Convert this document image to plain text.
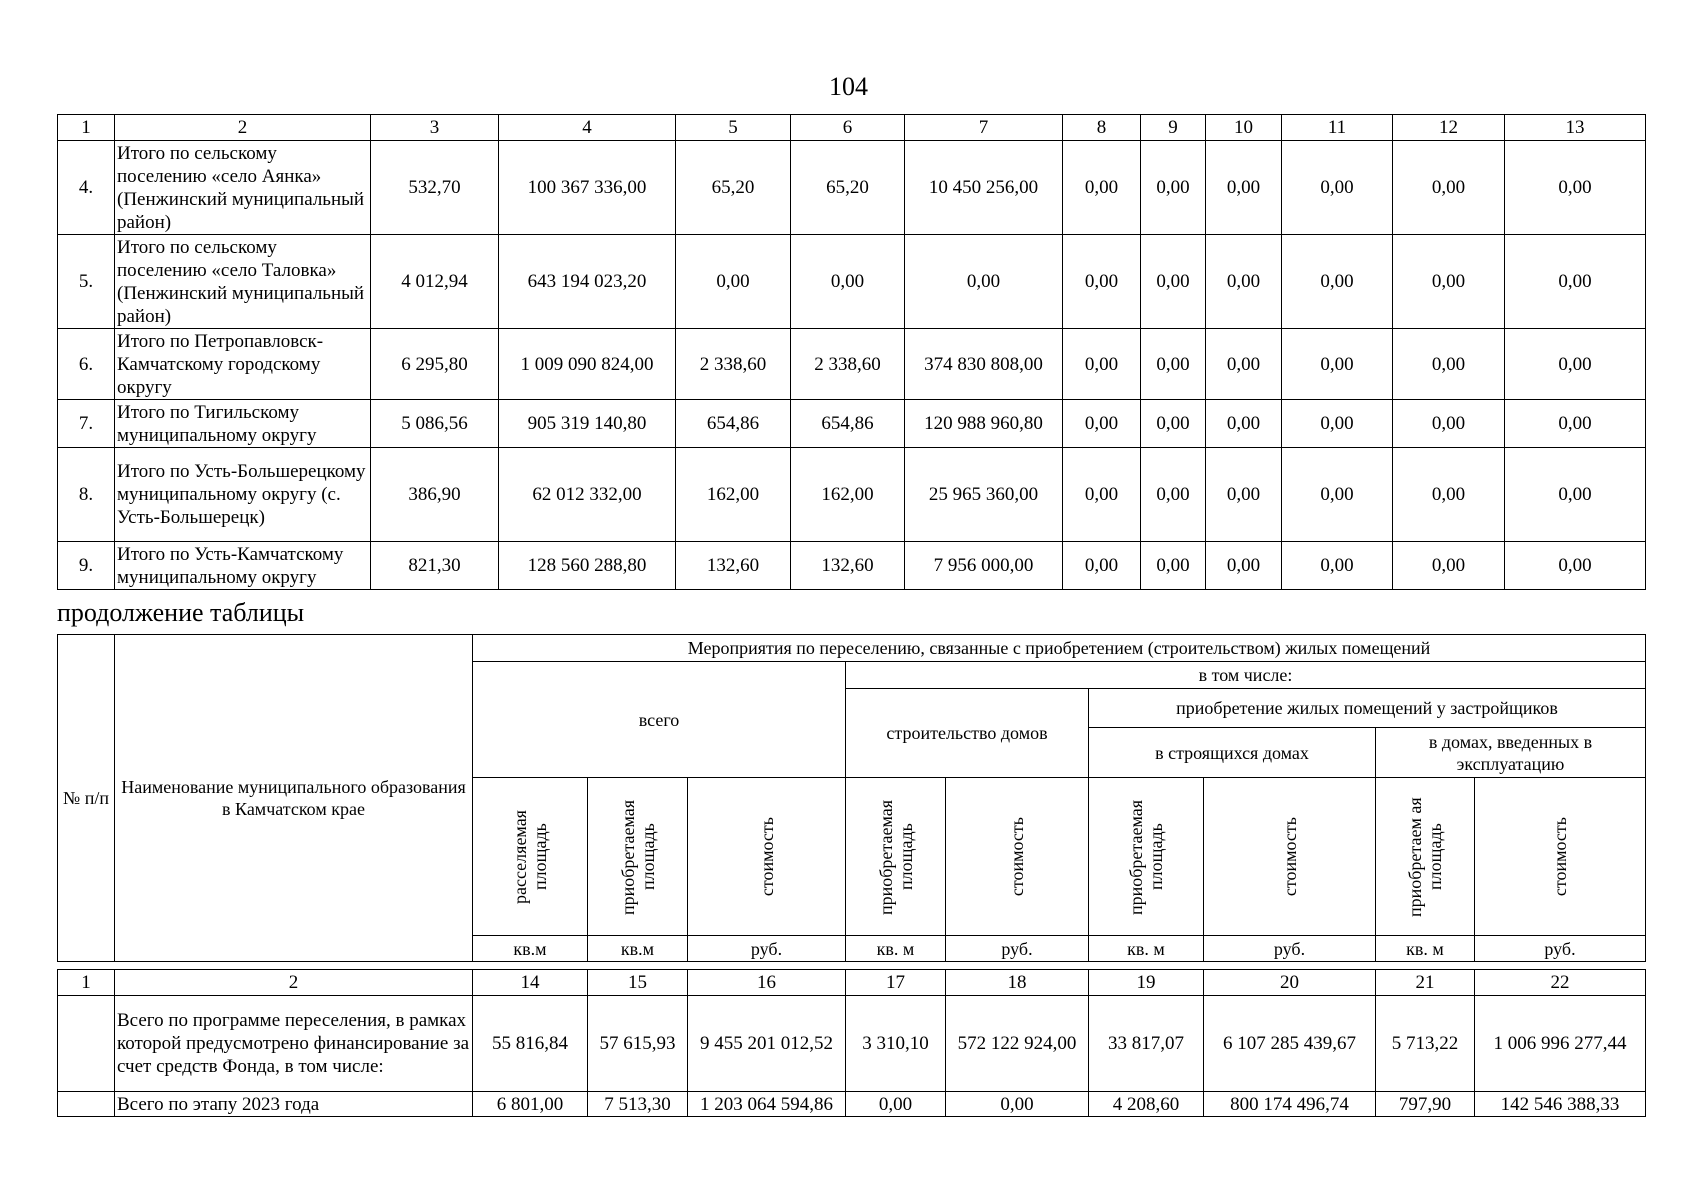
104
1	2	3	4	5	6	7	8	9	10	11	12	13
4.	Итого по сельскому поселению «село Аянка» (Пенжинский муниципальный район)	532,70	100 367 336,00	65,20	65,20	10 450 256,00	0,00	0,00	0,00	0,00	0,00	0,00
5.	Итого по сельскому поселению «село Таловка» (Пенжинский муниципальный район)	4 012,94	643 194 023,20	0,00	0,00	0,00	0,00	0,00	0,00	0,00	0,00	0,00
6.	Итого по Петропавловск-Камчатскому городскому округу	6 295,80	1 009 090 824,00	2 338,60	2 338,60	374 830 808,00	0,00	0,00	0,00	0,00	0,00	0,00
7.	Итого по Тигильскому муниципальному округу	5 086,56	905 319 140,80	654,86	654,86	120 988 960,80	0,00	0,00	0,00	0,00	0,00	0,00
8.	Итого по Усть-Большерецкому муниципальному округу (с. Усть-Большерецк)	386,90	62 012 332,00	162,00	162,00	25 965 360,00	0,00	0,00	0,00	0,00	0,00	0,00
9.	Итого по Усть-Камчатскому муниципальному округу	821,30	128 560 288,80	132,60	132,60	7 956 000,00	0,00	0,00	0,00	0,00	0,00	0,00
продолжение таблицы
№ п/п	Наименование муниципального образования в Камчатском крае	Мероприятия по переселению, связанные с приобретением (строительством) жилых помещений								
		всего			в том числе:					
					строительство домов		приобретение жилых помещений у застройщиков			
							в строящихся домах		в домах, введенных в эксплуатацию	

		расселяемая площадь	приобретаемая площадь	стоимость	приобретаемая площадь	стоимость	приобретаемая площадь	стоимость	приобретаем ая площадь	стоимость

		кв.м	кв.м	руб.	кв. м	руб.	кв. м	руб.	кв. м	руб.
1	2	14	15	16	17	18	19	20	21	22
	Всего по программе переселения, в рамках которой предусмотрено финансирование за счет средств Фонда, в том числе:	55 816,84	57 615,93	9 455 201 012,52	3 310,10	572 122 924,00	33 817,07	6 107 285 439,67	5 713,22	1 006 996 277,44
	Всего по этапу 2023 года	6 801,00	7 513,30	1 203 064 594,86	0,00	0,00	4 208,60	800 174 496,74	797,90	142 546 388,33
